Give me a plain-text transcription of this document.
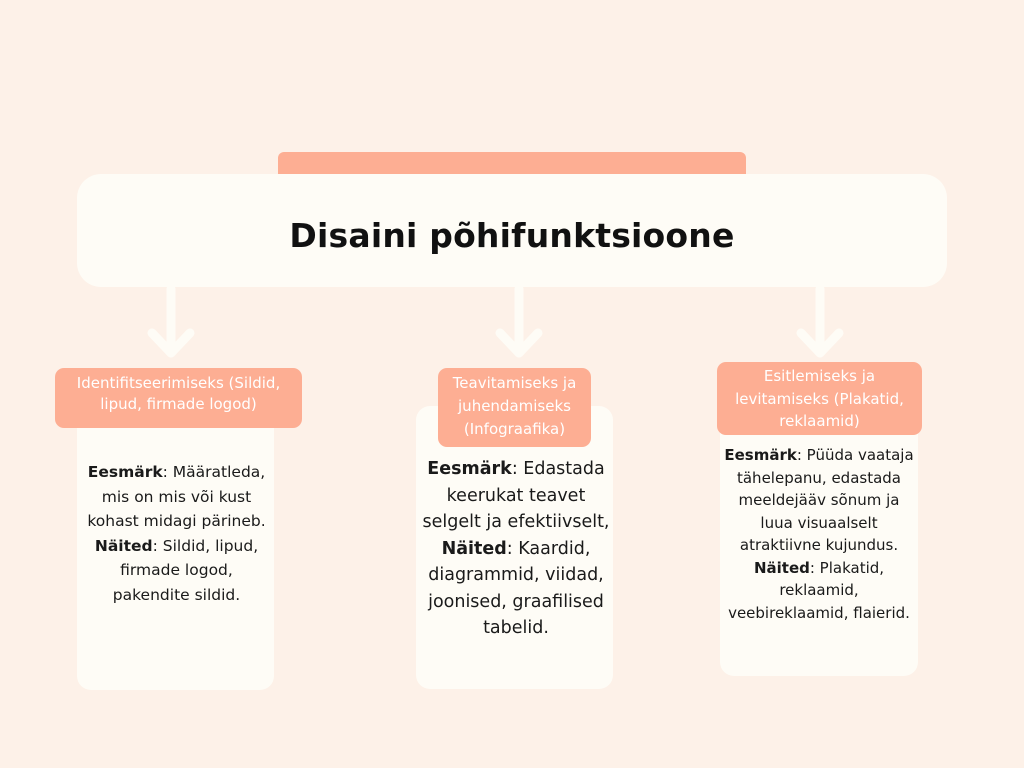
Disaini põhifunktsioone
Identifitseerimiseks (Sildid, lipud, firmade logod)

Eesmärk: Määratleda, mis on mis või kust kohast midagi pärineb.

Näited: Sildid, lipud, firmade logod, pakendite sildid.

Teavitamiseks ja juhendamiseks (Infograafika)

Eesmärk: Edastada keerukat teavet selgelt ja efektiivselt,

Näited: Kaardid, diagrammid, viidad, joonised, graafilised tabelid.

Esitlemiseks ja levitamiseks (Plakatid, reklaamid)

Eesmärk: Püüda vaataja tähelepanu, edastada meeldejääv sõnum ja luua visuaalselt atraktiivne kujundus.

Näited: Plakatid, reklaamid, veebireklaamid, flaierid.
